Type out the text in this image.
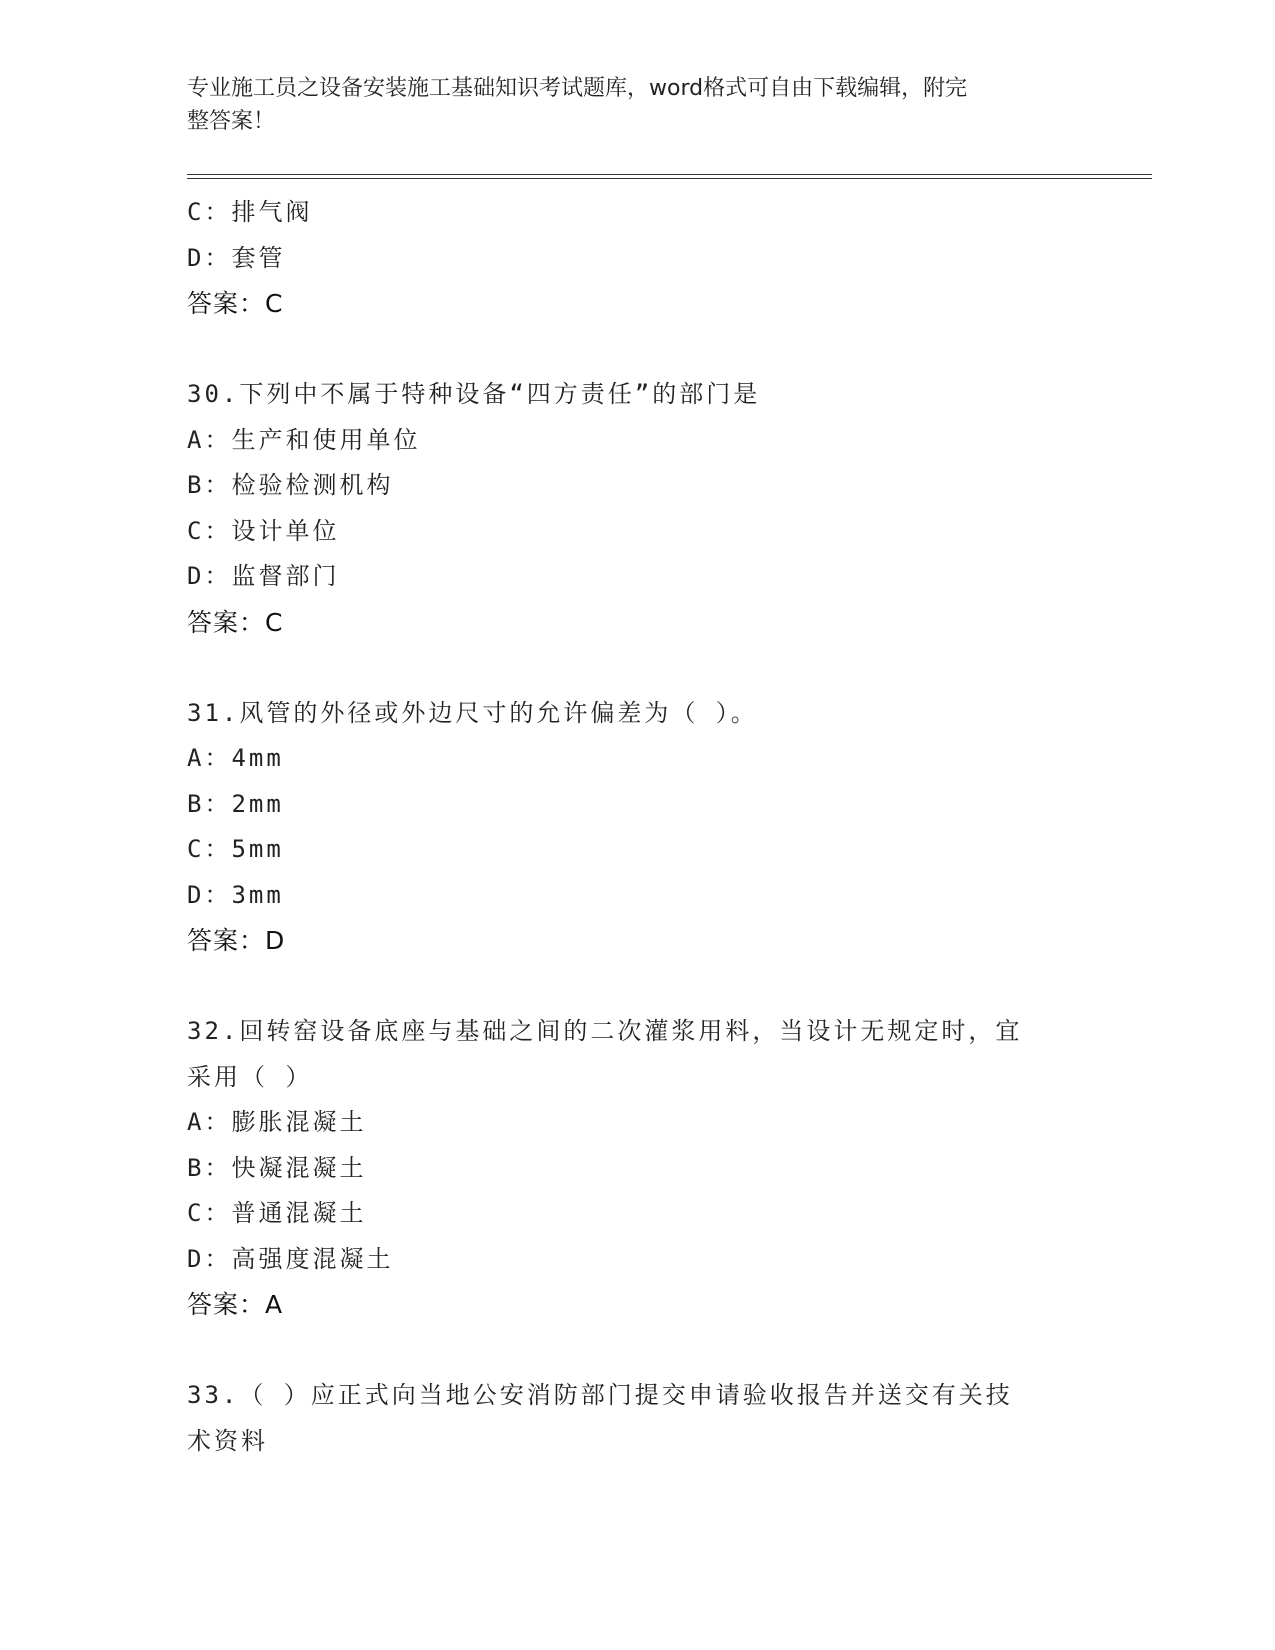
专业施工员之设备安装施工基础知识考试题库，word格式可自由下载编辑，附完
整答案！
C：排气阀
D：套管
答案：C
30.下列中不属于特种设备“四方责任”的部门是
A：生产和使用单位
B：检验检测机构
C：设计单位
D：监督部门
答案：C
31.风管的外径或外边尺寸的允许偏差为（ ）。
A：4mm
B：2mm
C：5mm
D：3mm
答案：D
32.回转窑设备底座与基础之间的二次灌浆用料，当设计无规定时，宜
采用（ ）
A：膨胀混凝土
B：快凝混凝土
C：普通混凝土
D：高强度混凝土
答案：A
33.（ ）应正式向当地公安消防部门提交申请验收报告并送交有关技
术资料
